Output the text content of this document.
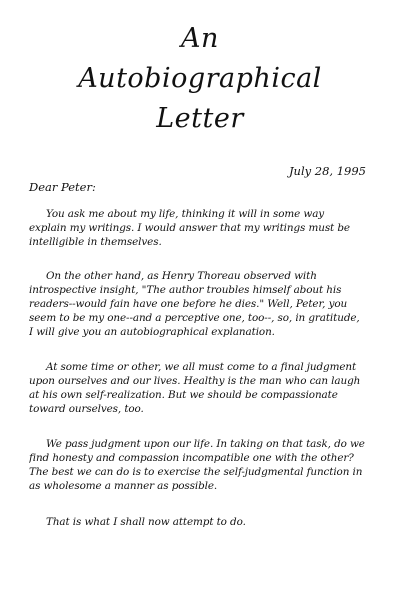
An
Autobiographical
Letter
July 28, 1995
Dear Peter:
You ask me about my life, thinking it will in some way
explain my writings. I would answer that my writings must be
intelligible in themselves.
On the other hand, as Henry Thoreau observed with
introspective insight, "The author troubles himself about his
readers--would fain have one before he dies." Well, Peter, you
seem to be my one--and a perceptive one, too--, so, in gratitude,
I will give you an autobiographical explanation.
At some time or other, we all must come to a final judgment
upon ourselves and our lives. Healthy is the man who can laugh
at his own self-realization. But we should be compassionate
toward ourselves, too.
We pass judgment upon our life. In taking on that task, do we
find honesty and compassion incompatible one with the other?
The best we can do is to exercise the self-judgmental function in
as wholesome a manner as possible.
That is what I shall now attempt to do.
